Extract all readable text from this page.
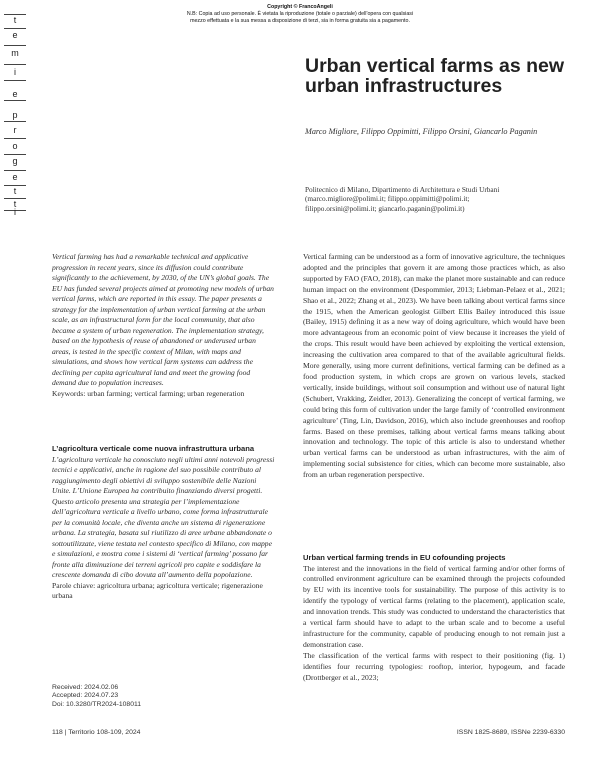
Copyright © FrancoAngeli
N.B: Copia ad uso personale. È vietata la riproduzione (totale o parziale) dell'opera con qualsiasi
mezzo effettuata e la sua messa a disposizione di terzi, sia in forma gratuita sia a pagamento.
t
e
m
i
e
p
r
o
g
e
t
t
i
Urban vertical farms as new urban infrastructures
Marco Migliore, Filippo Oppimitti, Filippo Orsini, Giancarlo Paganin
Politecnico di Milano, Dipartimento di Architettura e Studi Urbani
(marco.migliore@polimi.it; filippo.oppimitti@polimi.it;
filippo.orsini@polimi.it; giancarlo.paganin@polimi.it)

Vertical farming has had a remarkable technical and applicative progression in recent years, since its diffusion could contribute significantly to the achievement, by 2030, of the UN’s global goals. The EU has funded several projects aimed at promoting new models of urban vertical farms, which are reported in this essay. The paper presents a strategy for the implementation of urban vertical farming at the urban scale, as an infrastructural form for the local community, that also became a system of urban regeneration. The implementation strategy, based on the hypothesis of reuse of abandoned or underused urban areas, is tested in the specific context of Milan, with maps and simulations, and shows how vertical farm systems can address the declining per capita agricultural land and meet the growing food demand due to population increases.

Keywords: urban farming; vertical farming; urban regeneration

L’agricoltura verticale come nuova infrastruttura urbana

L’agricoltura verticale ha conosciuto negli ultimi anni notevoli progressi tecnici e applicativi, anche in ragione del suo possibile contributo al raggiungimento degli obiettivi di sviluppo sostenibile delle Nazioni Unite. L’Unione Europea ha contribuito finanziando diversi progetti. Questo articolo presenta una strategia per l’implementazione dell’agricoltura verticale a livello urbano, come forma infrastrutturale per la comunità locale, che diventa anche un sistema di rigenerazione urbana. La strategia, basata sul riutilizzo di aree urbane abbandonate o sottoutilizzate, viene testata nel contesto specifico di Milano, con mappe e simulazioni, e mostra come i sistemi di ‘vertical farming’ possano far fronte alla diminuzione dei terreni agricoli pro capite e soddisfare la crescente domanda di cibo dovuta all’aumento della popolazione.

Parole chiave: agricoltura urbana; agricoltura verticale; rigenerazione urbana

Received: 2024.02.06
Accepted: 2024.07.23
Doi: 10.3280/TR2024-108011

Vertical farming can be understood as a form of innovative agriculture, the techniques adopted and the principles that govern it are among those practices which, as also supported by FAO (FAO, 2018), can make the planet more sustainable and can reduce human impact on the environment (Despommier, 2013; Liebman-Pelaez et al., 2021; Shao et al., 2022; Zhang et al., 2023). We have been talking about vertical farms since the 1915, when the American geologist Gilbert Ellis Bailey introduced this issue (Bailey, 1915) defining it as a new way of doing agriculture, which would have been more advantageous from an economic point of view because it increases the yield of the crops. This result would have been achieved by exploiting the vertical extension, increasing the cultivation area compared to that of the available agricultural fields. More generally, using more current definitions, vertical farming can be defined as a food production system, in which crops are grown on various levels, stacked vertically, inside buildings, without soil consumption and without use of natural light (Schubert, Vrakking, Zeidler, 2013). Generalizing the concept of vertical farming, we could bring this form of cultivation under the large family of ‘controlled environment agriculture’ (Ting, Lin, Davidson, 2016), which also include greenhouses and rooftop farms. Based on these premises, talking about vertical farms means talking about innovation and technology. The topic of this article is also to understand whether urban vertical farms can be understood as urban infrastructures, with the aim of implementing social subsistence for cities, which can become more sustainable, also from an urban regeneration perspective.

Urban vertical farming trends in EU cofounding projects

The interest and the innovations in the field of vertical farming and/or other forms of controlled environment agriculture can be examined through the projects cofounded by EU with its incentive tools for sustainability. The purpose of this activity is to identify the typology of vertical farms (relating to the placement), application scale, and innovation trends. This study was conducted to understand the characteristics that a vertical farm should have to adapt to the urban scale and to become a useful infrastructure for the community, capable of producing enough to not remain just a demonstration case.

The classification of the vertical farms with respect to their positioning (fig. 1) identifies four recurring typologies: rooftop, interior, hypogeum, and facade (Drottberger et al., 2023;

118 | Territorio 108-109, 2024	ISSN 1825-8689, ISSNe 2239-6330
